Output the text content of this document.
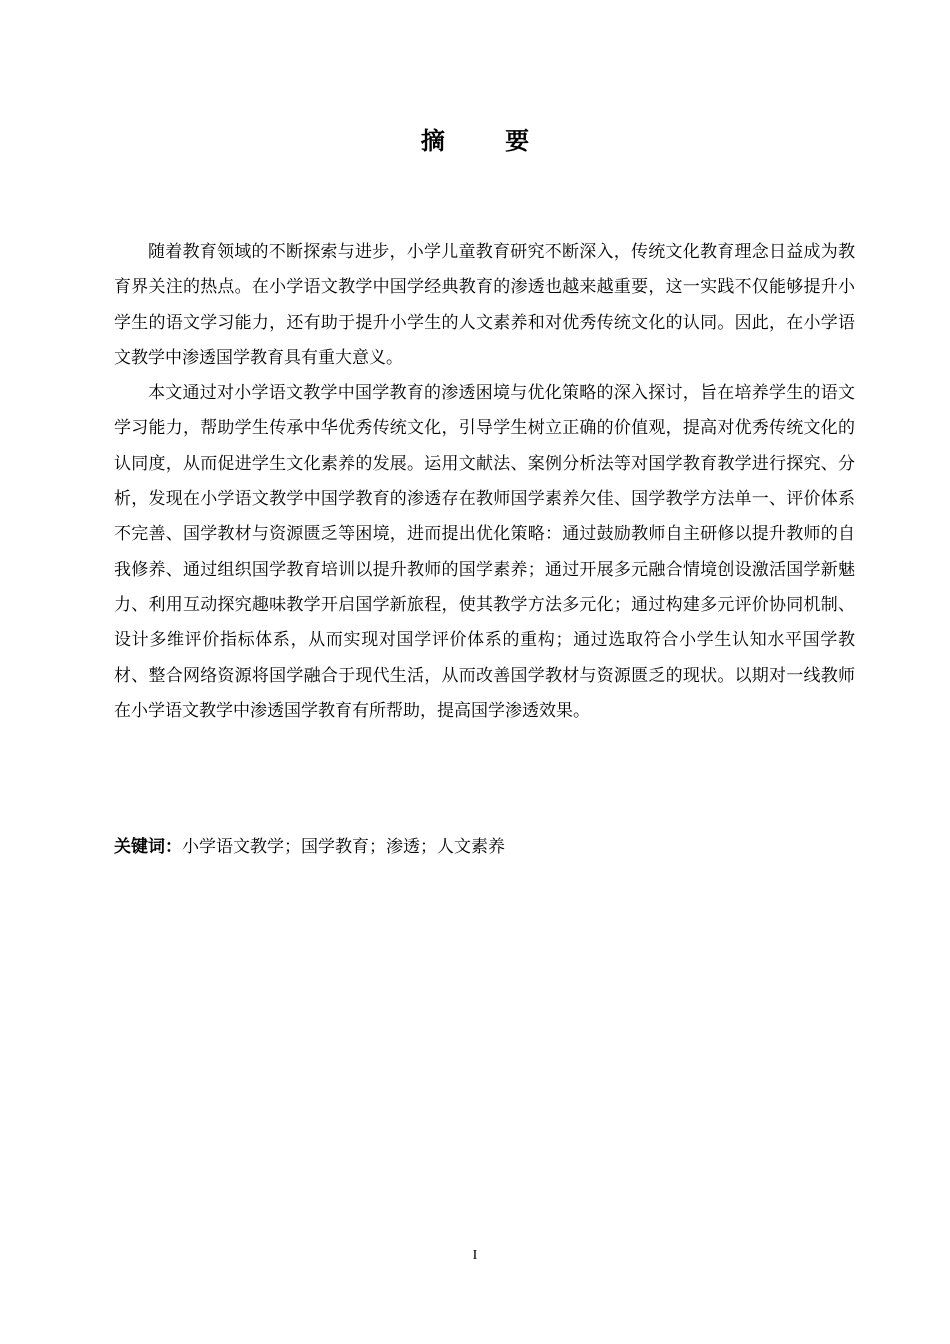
摘 要

随着教育领域的不断探索与进步，小学儿童教育研究不断深入，传统文化教育理念日益成为教育界关注的热点。在小学语文教学中国学经典教育的渗透也越来越重要，这一实践不仅能够提升小学生的语文学习能力，还有助于提升小学生的人文素养和对优秀传统文化的认同。因此，在小学语文教学中渗透国学教育具有重大意义。

本文通过对小学语文教学中国学教育的渗透困境与优化策略的深入探讨，旨在培养学生的语文学习能力，帮助学生传承中华优秀传统文化，引导学生树立正确的价值观，提高对优秀传统文化的认同度，从而促进学生文化素养的发展。运用文献法、案例分析法等对国学教育教学进行探究、分析，发现在小学语文教学中国学教育的渗透存在教师国学素养欠佳、国学教学方法单一、评价体系不完善、国学教材与资源匮乏等困境，进而提出优化策略：通过鼓励教师自主研修以提升教师的自我修养、通过组织国学教育培训以提升教师的国学素养；通过开展多元融合情境创设激活国学新魅力、利用互动探究趣味教学开启国学新旅程，使其教学方法多元化；通过构建多元评价协同机制、设计多维评价指标体系，从而实现对国学评价体系的重构；通过选取符合小学生认知水平国学教材、整合网络资源将国学融合于现代生活，从而改善国学教材与资源匮乏的现状。以期对一线教师在小学语文教学中渗透国学教育有所帮助，提高国学渗透效果。

关键词：小学语文教学；国学教育；渗透；人文素养
I
